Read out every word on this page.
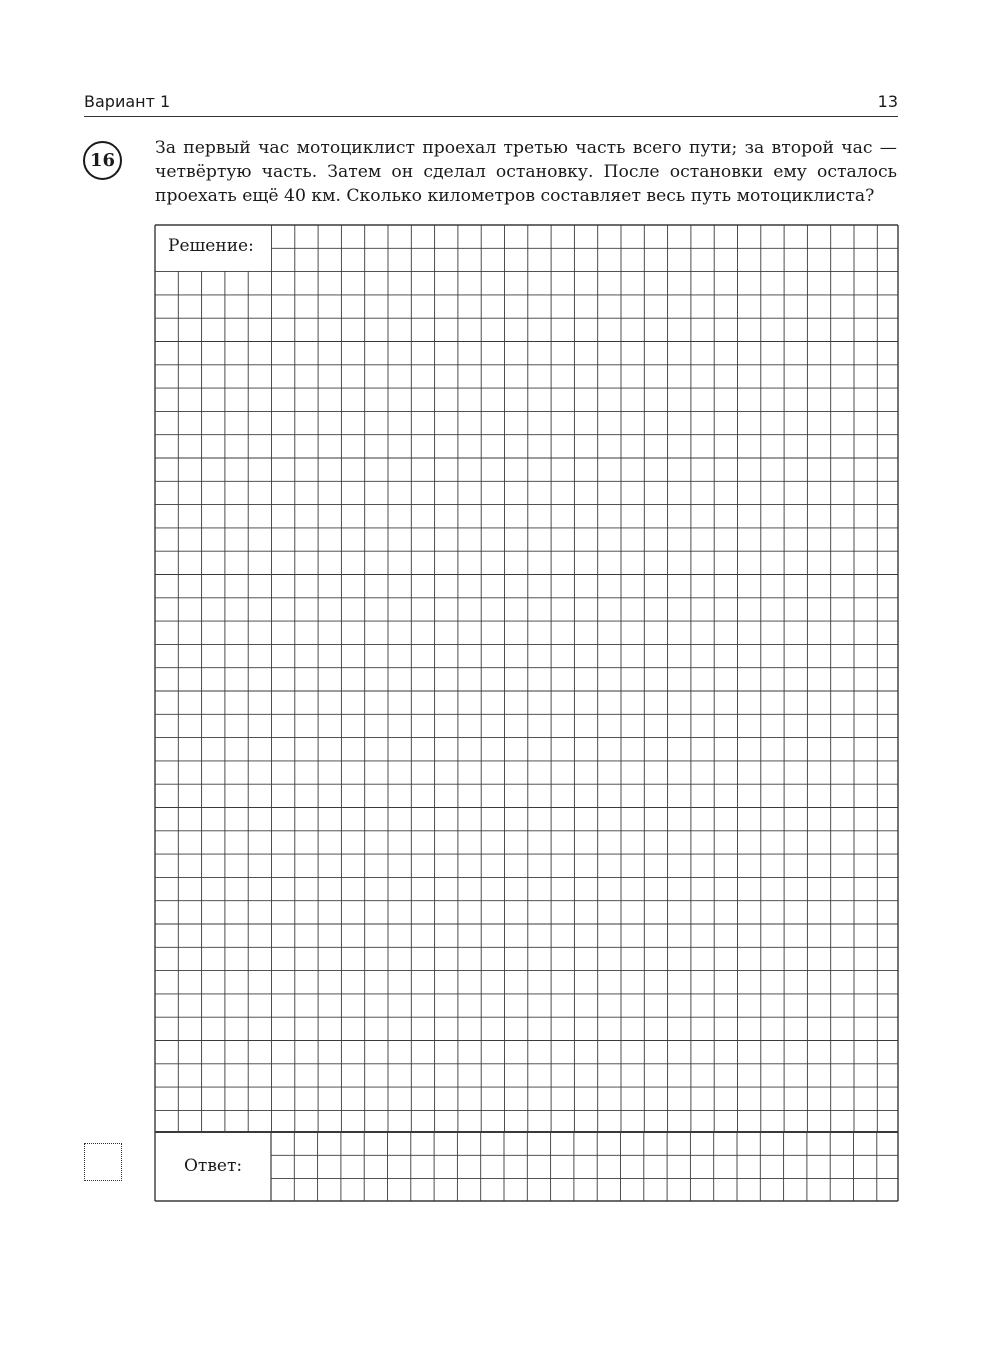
Вариант 1	13
16

За первый час мотоциклист проехал третью часть всего пути; за второй час —
четвёртую часть. Затем он сделал остановку. После остановки ему осталось
проехать ещё 40 км. Сколько километров составляет весь путь мотоциклиста?

Решение:
Ответ:
